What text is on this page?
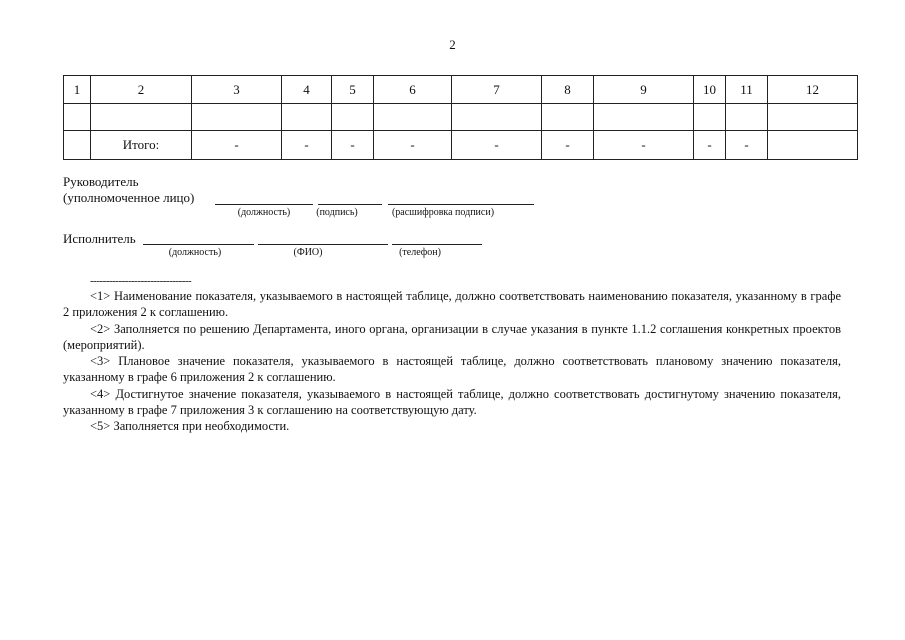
2
1	2	3	4	5	6	7	8	9	10	11	12

	Итого:	-	-	-	-	-	-	-	-	-	
Руководитель
(уполномоченное лицо)
(должность)	(подпись)	(расшифровка подписи)
Исполнитель
(должность)	(ФИО)	(телефон)
--------------------------------

<1> Наименование показателя, указываемого в настоящей таблице, должно соответствовать наименованию показателя, указанному в графе 2 приложения 2 к соглашению.

<2> Заполняется по решению Департамента, иного органа, организации в случае указания в пункте 1.1.2 соглашения конкретных проектов (мероприятий).

<3> Плановое значение показателя, указываемого в настоящей таблице, должно соответствовать плановому значению показателя, указанному в графе 6 приложения 2 к соглашению.

<4> Достигнутое значение показателя, указываемого в настоящей таблице, должно соответствовать достигнутому значению показателя, указанному в графе 7 приложения 3 к соглашению на соответствующую дату.

<5> Заполняется при необходимости.
